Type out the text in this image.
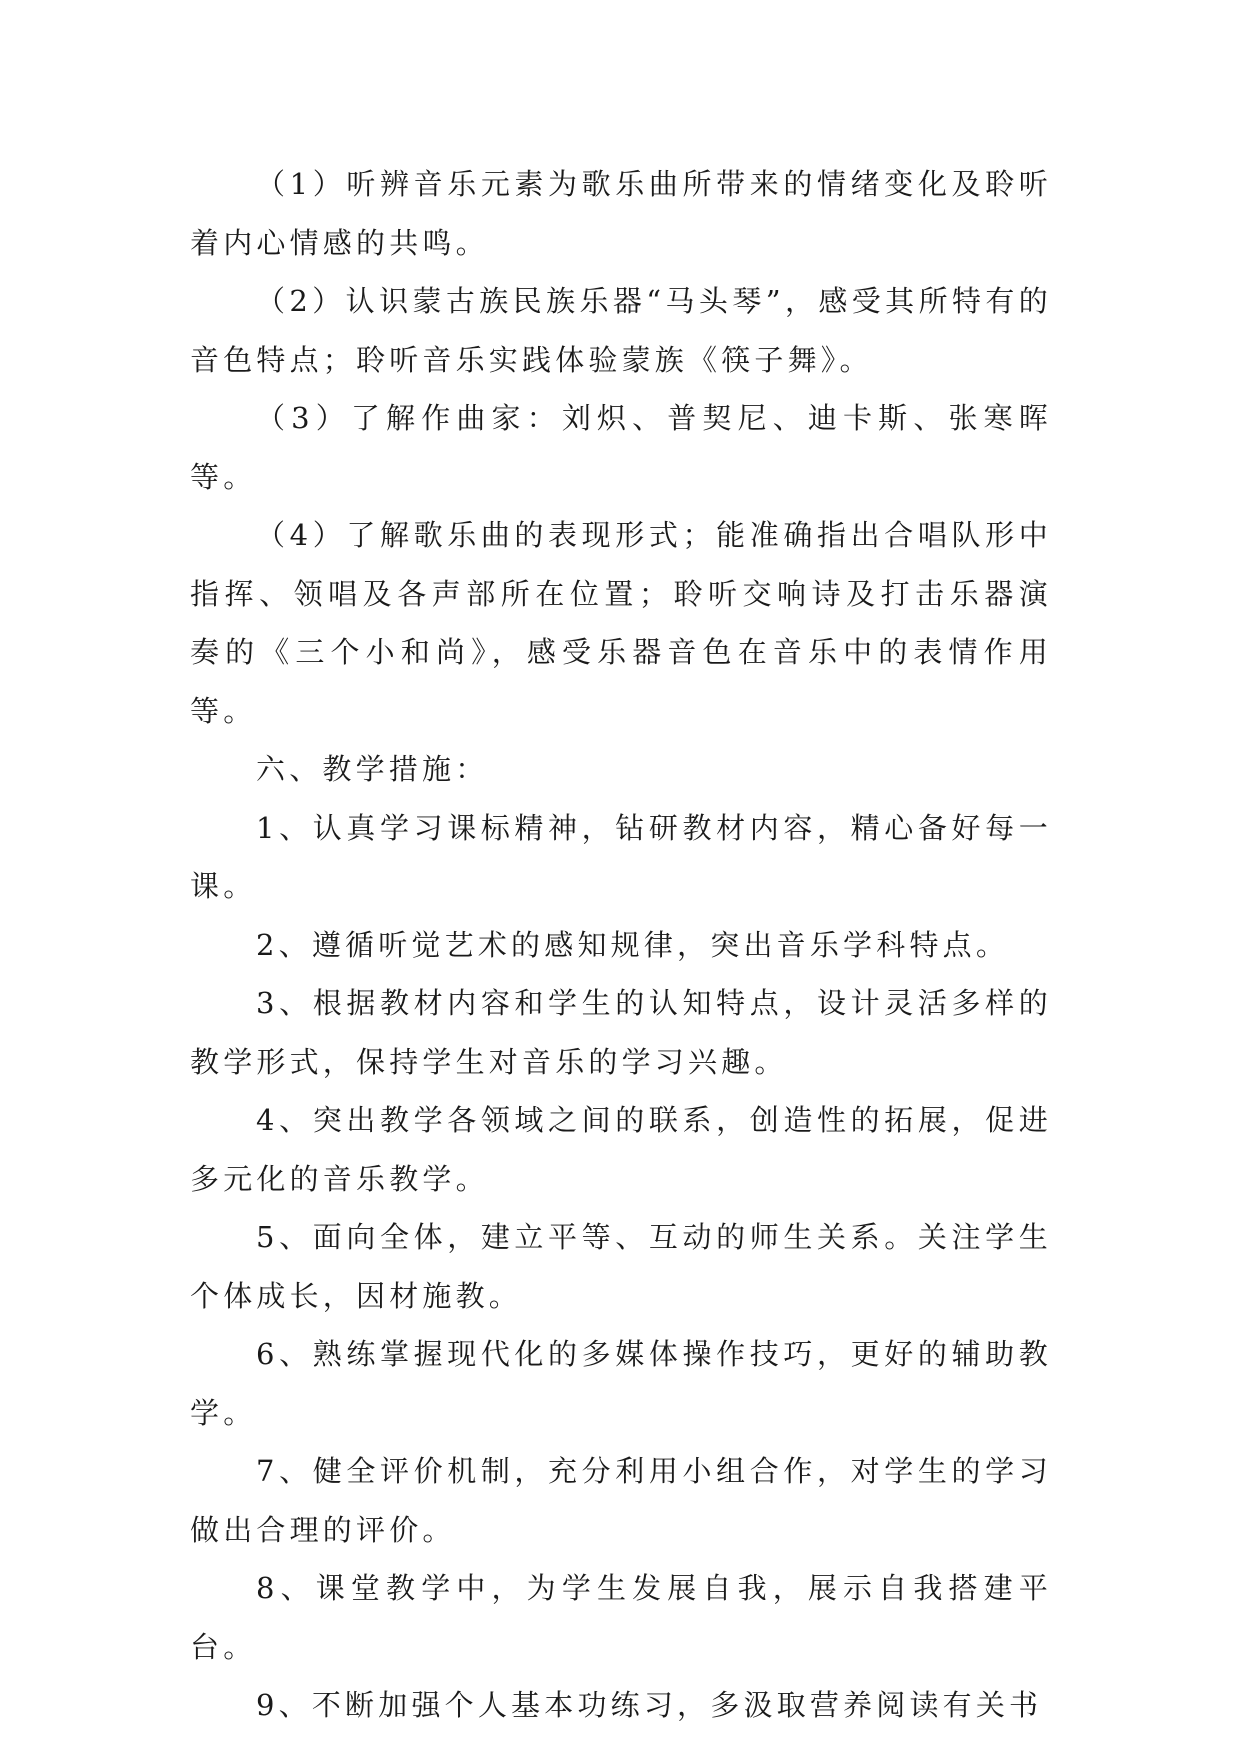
（1）听辨音乐元素为歌乐曲所带来的情绪变化及聆听着内心情感的共鸣。

（2）认识蒙古族民族乐器“马头琴”，感受其所特有的音色特点；聆听音乐实践体验蒙族《筷子舞》。

（3）了解作曲家：刘炽、普契尼、迪卡斯、张寒晖等。

（4）了解歌乐曲的表现形式；能准确指出合唱队形中指挥、领唱及各声部所在位置；聆听交响诗及打击乐器演奏的《三个小和尚》，感受乐器音色在音乐中的表情作用等。

六、教学措施：

1、认真学习课标精神，钻研教材内容，精心备好每一课。

2、遵循听觉艺术的感知规律，突出音乐学科特点。

3、根据教材内容和学生的认知特点，设计灵活多样的教学形式，保持学生对音乐的学习兴趣。

4、突出教学各领域之间的联系，创造性的拓展，促进多元化的音乐教学。

5、面向全体，建立平等、互动的师生关系。关注学生个体成长，因材施教。

6、熟练掌握现代化的多媒体操作技巧，更好的辅助教学。

7、健全评价机制，充分利用小组合作，对学生的学习做出合理的评价。

8、课堂教学中，为学生发展自我，展示自我搭建平台。

9、不断加强个人基本功练习，多汲取营养阅读有关书
